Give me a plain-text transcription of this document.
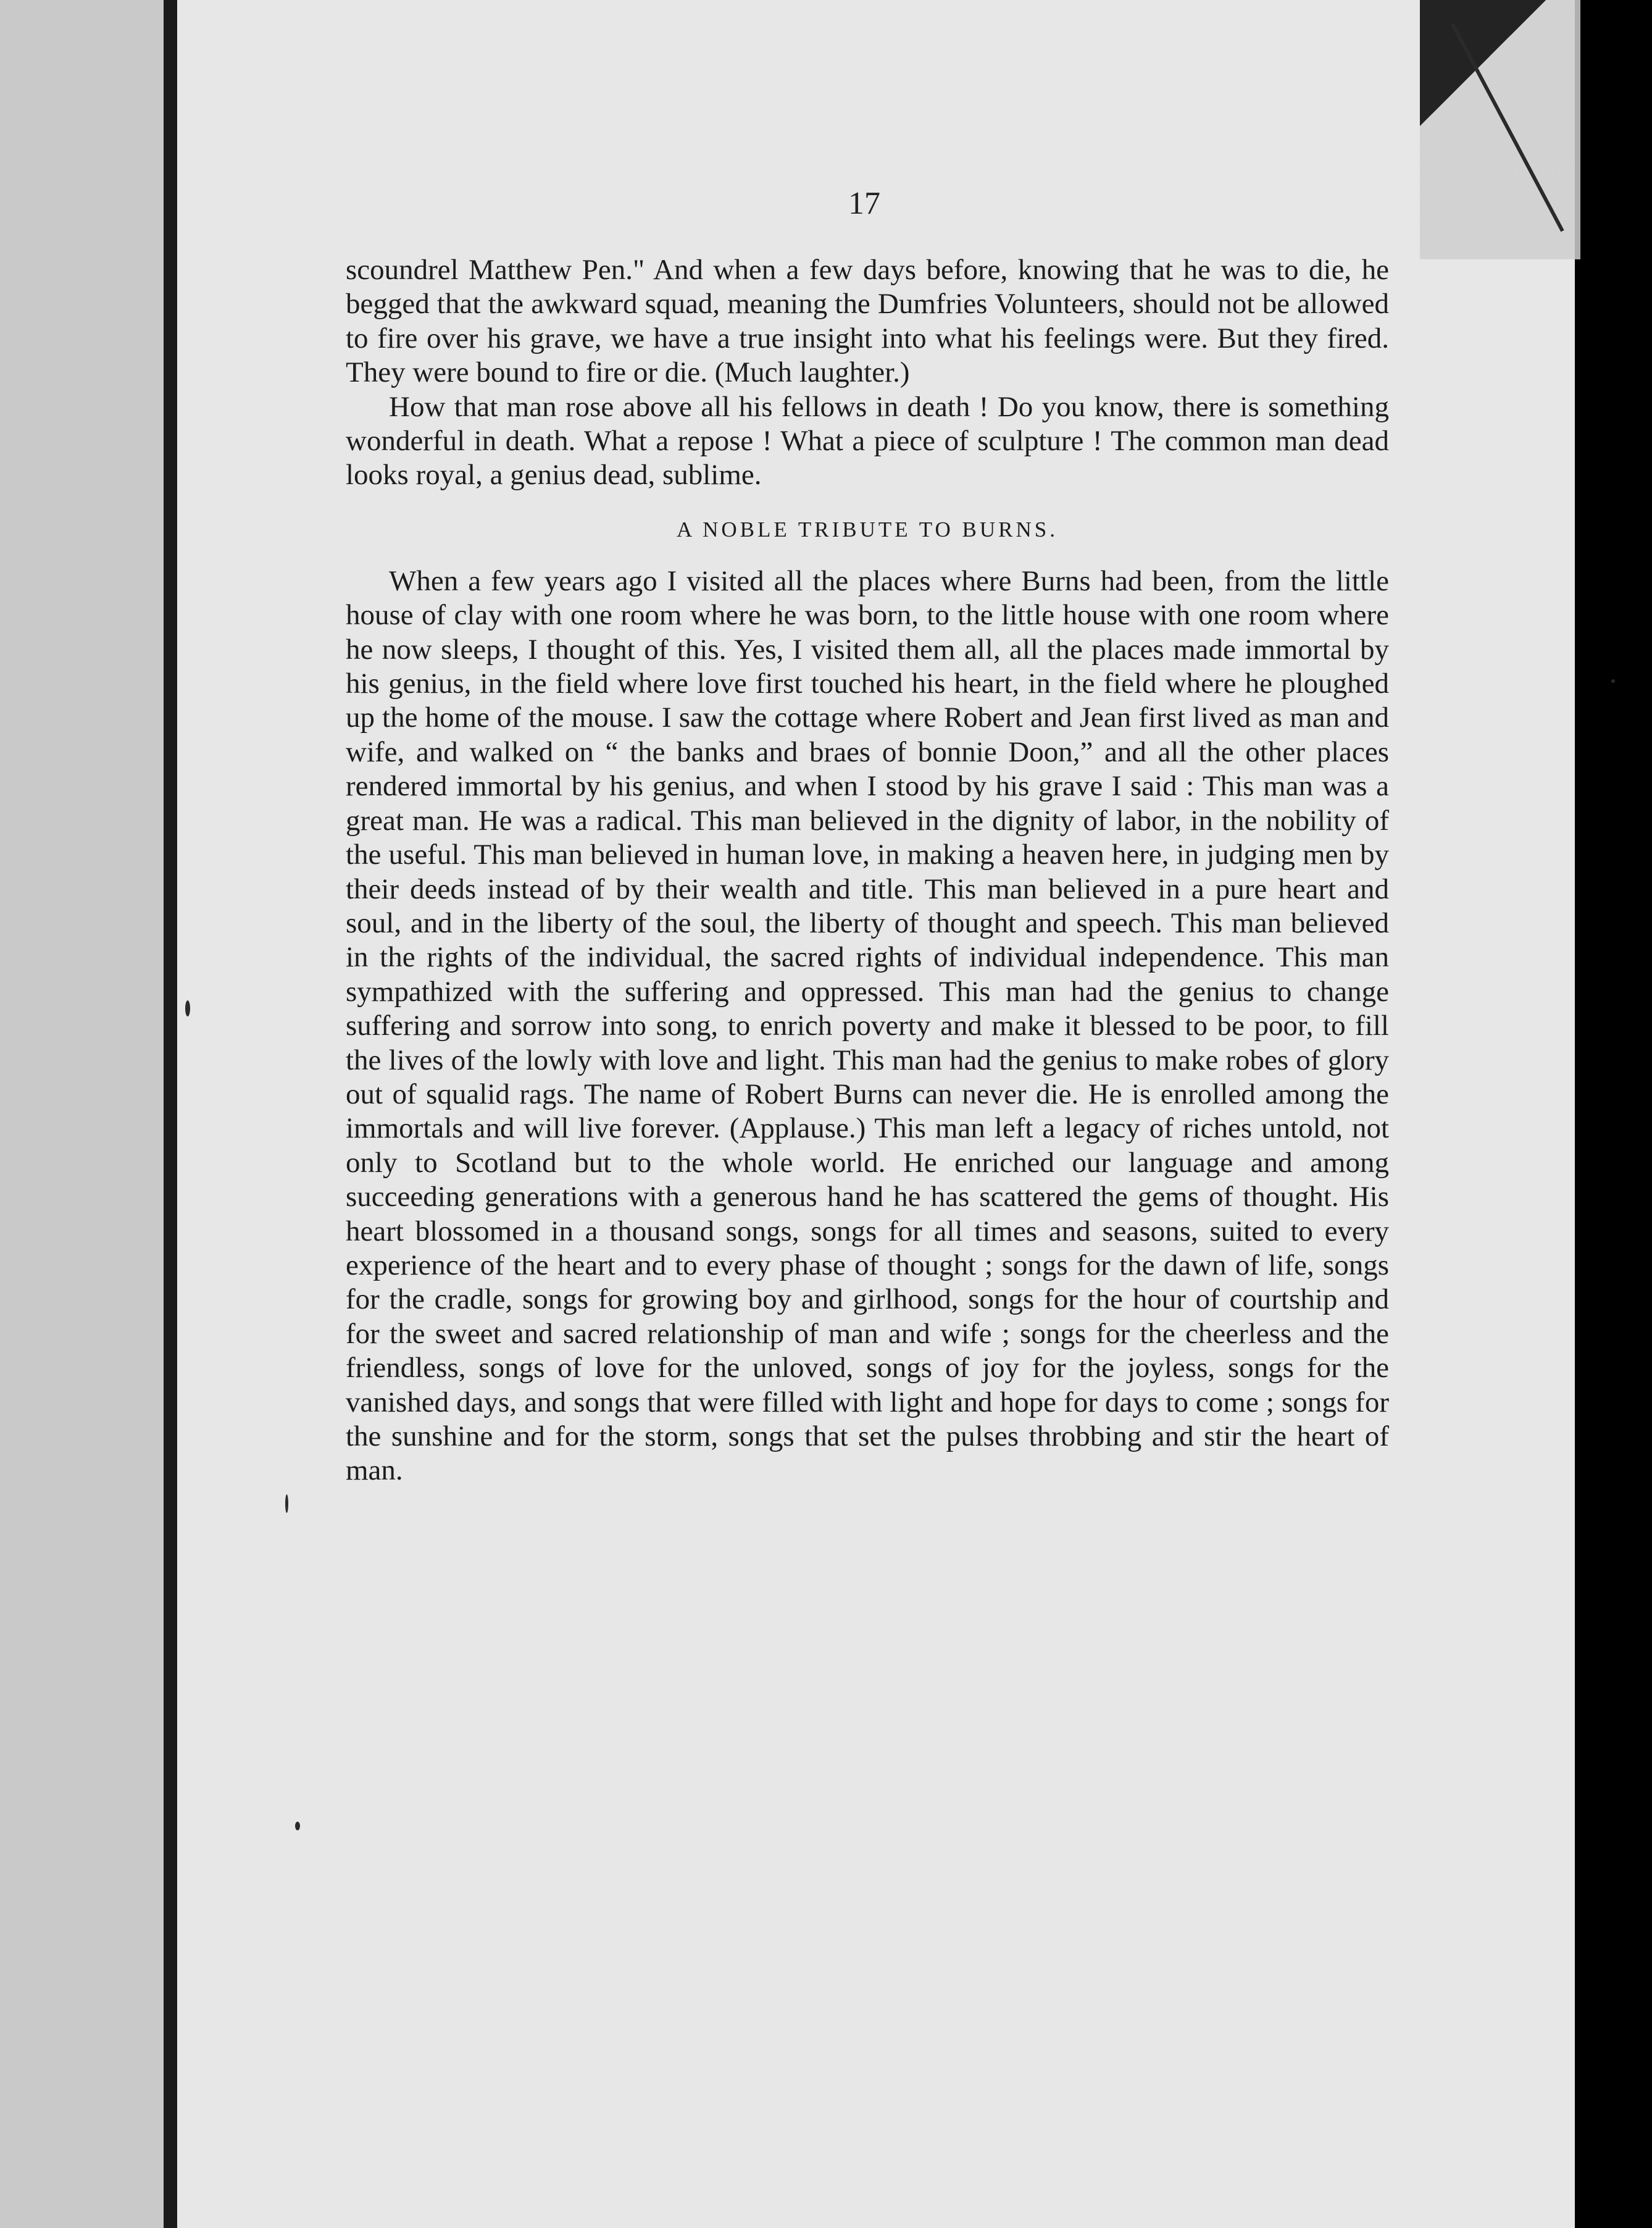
17

scoundrel Matthew Pen." And when a few days before, knowing that he was to die, he begged that the awkward squad, meaning the Dumfries Volunteers, should not be allowed to fire over his grave, we have a true insight into what his feelings were. But they fired. They were bound to fire or die. (Much laughter.)

How that man rose above all his fellows in death ! Do you know, there is something wonderful in death. What a repose ! What a piece of sculpture ! The common man dead looks royal, a genius dead, sublime.

A NOBLE TRIBUTE TO BURNS.

When a few years ago I visited all the places where Burns had been, from the little house of clay with one room where he was born, to the little house with one room where he now sleeps, I thought of this. Yes, I visited them all, all the places made immortal by his genius, in the field where love first touched his heart, in the field where he ploughed up the home of the mouse. I saw the cottage where Robert and Jean first lived as man and wife, and walked on “ the banks and braes of bonnie Doon,” and all the other places rendered immortal by his genius, and when I stood by his grave I said : This man was a great man. He was a radical. This man believed in the dignity of labor, in the nobility of the useful. This man believed in human love, in making a heaven here, in judging men by their deeds instead of by their wealth and title. This man believed in a pure heart and soul, and in the liberty of the soul, the liberty of thought and speech. This man believed in the rights of the individual, the sacred rights of individual independence. This man sympathized with the suffering and oppressed. This man had the genius to change suffering and sorrow into song, to enrich poverty and make it blessed to be poor, to fill the lives of the lowly with love and light. This man had the genius to make robes of glory out of squalid rags. The name of Robert Burns can never die. He is enrolled among the immortals and will live forever. (Applause.) This man left a legacy of riches untold, not only to Scotland but to the whole world. He enriched our language and among succeeding generations with a generous hand he has scattered the gems of thought. His heart blossomed in a thousand songs, songs for all times and seasons, suited to every experience of the heart and to every phase of thought ; songs for the dawn of life, songs for the cradle, songs for growing boy and girlhood, songs for the hour of courtship and for the sweet and sacred relationship of man and wife ; songs for the cheerless and the friendless, songs of love for the unloved, songs of joy for the joyless, songs for the vanished days, and songs that were filled with light and hope for days to come ; songs for the sunshine and for the storm, songs that set the pulses throbbing and stir the heart of man.
